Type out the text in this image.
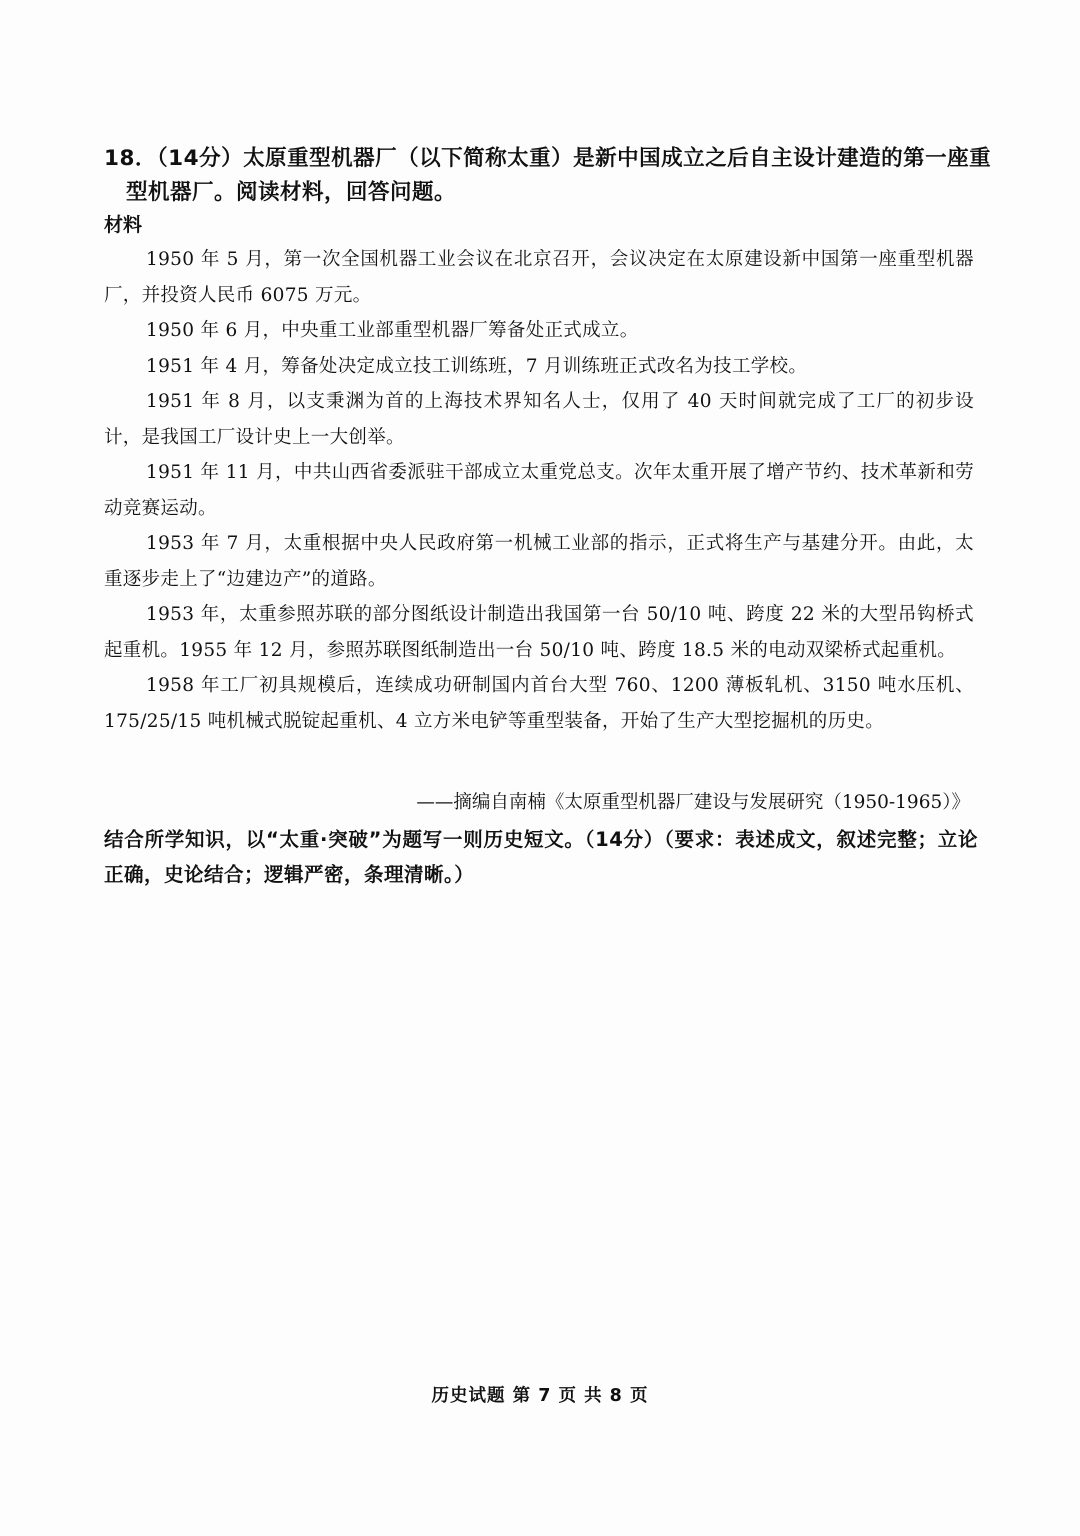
18．（14分）太原重型机器厂（以下简称太重）是新中国成立之后自主设计建造的第一座重
型机器厂。阅读材料，回答问题。
材料

1950 年 5 月，第一次全国机器工业会议在北京召开，会议决定在太原建设新中国第一座重型机器厂，并投资人民币 6075 万元。

1950 年 6 月，中央重工业部重型机器厂筹备处正式成立。

1951 年 4 月，筹备处决定成立技工训练班，7 月训练班正式改名为技工学校。

1951 年 8 月，以支秉渊为首的上海技术界知名人士，仅用了 40 天时间就完成了工厂的初步设计，是我国工厂设计史上一大创举。

1951 年 11 月，中共山西省委派驻干部成立太重党总支。次年太重开展了增产节约、技术革新和劳动竞赛运动。

1953 年 7 月，太重根据中央人民政府第一机械工业部的指示，正式将生产与基建分开。由此，太重逐步走上了“边建边产”的道路。

1953 年，太重参照苏联的部分图纸设计制造出我国第一台 50/10 吨、跨度 22 米的大型吊钩桥式起重机。1955 年 12 月，参照苏联图纸制造出一台 50/10 吨、跨度 18.5 米的电动双梁桥式起重机。

1958 年工厂初具规模后，连续成功研制国内首台大型 760、1200 薄板轧机、3150 吨水压机、175/25/15 吨机械式脱锭起重机、4 立方米电铲等重型装备，开始了生产大型挖掘机的历史。

——摘编自南楠《太原重型机器厂建设与发展研究（1950-1965）》
结合所学知识，以“太重·突破”为题写一则历史短文。（14分）（要求：表述成文，叙述完整；立论正确，史论结合；逻辑严密，条理清晰。）
历史试题 第 7 页 共 8 页
